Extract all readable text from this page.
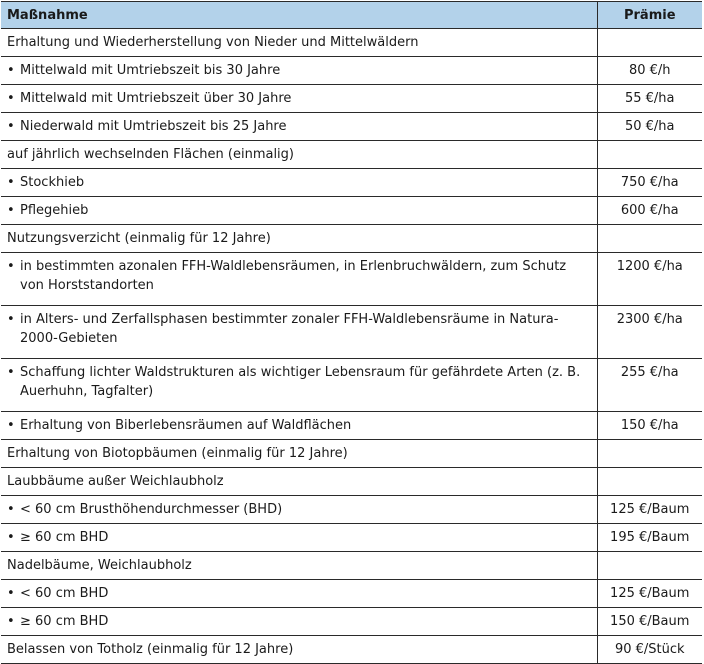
Maßnahme	Prämie
Erhaltung und Wiederherstellung von Nieder und Mittelwäldern	

• Mittelwald mit Umtriebszeit bis 30 Jahre	80 €/h

• Mittelwald mit Umtriebszeit über 30 Jahre	55 €/ha

• Niederwald mit Umtriebszeit bis 25 Jahre	50 €/ha
auf jährlich wechselnden Flächen (einmalig)	

• Stockhieb	750 €/ha

• Pflegehieb	600 €/ha
Nutzungsverzicht (einmalig für 12 Jahre)	

• in bestimmten azonalen FFH-Waldlebensräumen, in Erlenbruchwäldern, zum Schutz von Horststandorten	1200 €/ha

• in Alters- und Zerfallsphasen bestimmter zonaler FFH-Waldlebensräume in Natura-2000-Gebieten	2300 €/ha

• Schaffung lichter Waldstrukturen als wichtiger Lebensraum für gefährdete Arten (z. B. Auerhuhn, Tagfalter)	255 €/ha

• Erhaltung von Biberlebensräumen auf Waldflächen	150 €/ha
Erhaltung von Biotopbäumen (einmalig für 12 Jahre)	
Laubbäume außer Weichlaubholz	

• < 60 cm Brusthöhendurchmesser (BHD)	125 €/Baum

• ≥ 60 cm BHD	195 €/Baum
Nadelbäume, Weichlaubholz	

• < 60 cm BHD	125 €/Baum

• ≥ 60 cm BHD	150 €/Baum
Belassen von Totholz (einmalig für 12 Jahre)	90 €/Stück
